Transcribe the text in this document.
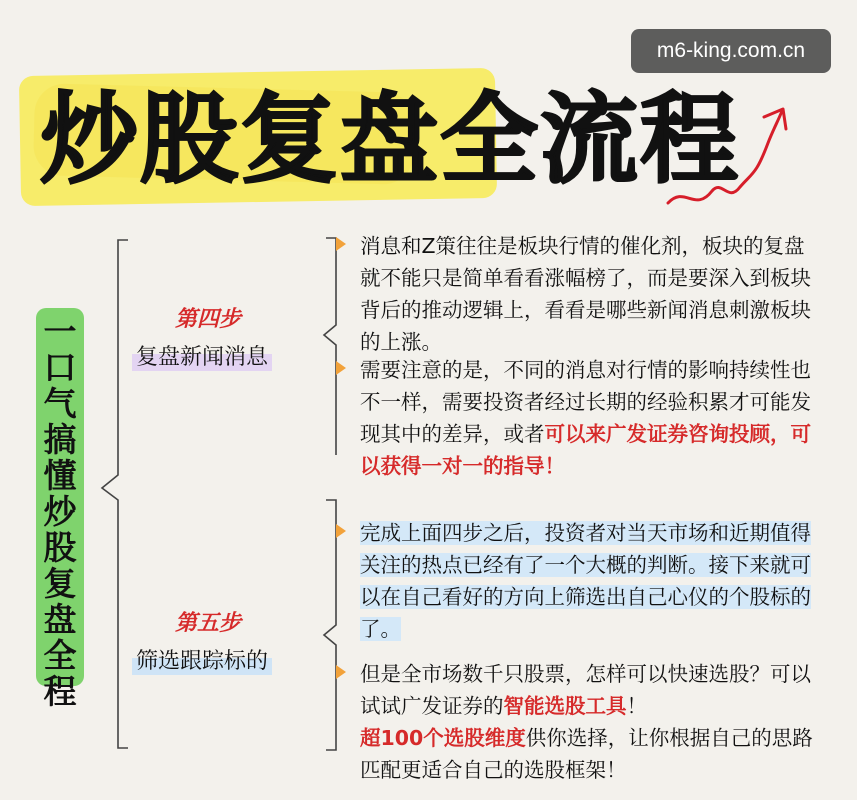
m6-king.com.cn
炒股复盘全流程
一
口
气
搞
懂
炒
股
复
盘
全
程
第四步
复盘新闻消息
第五步
筛选跟踪标的
消息和Z策往往是板块行情的催化剂，板块的复盘就不能只是简单看看涨幅榜了，而是要深入到板块背后的推动逻辑上，看看是哪些新闻消息刺激板块的上涨。
需要注意的是，不同的消息对行情的影响持续性也不一样，需要投资者经过长期的经验积累才可能发现其中的差异，或者可以来广发证券咨询投顾，可以获得一对一的指导！
完成上面四步之后，投资者对当天市场和近期值得关注的热点已经有了一个大概的判断。接下来就可以在自己看好的方向上筛选出自己心仪的个股标的了。
但是全市场数千只股票，怎样可以快速选股？可以试试广发证券的智能选股工具！
超100个选股维度供你选择，让你根据自己的思路匹配更适合自己的选股框架！
